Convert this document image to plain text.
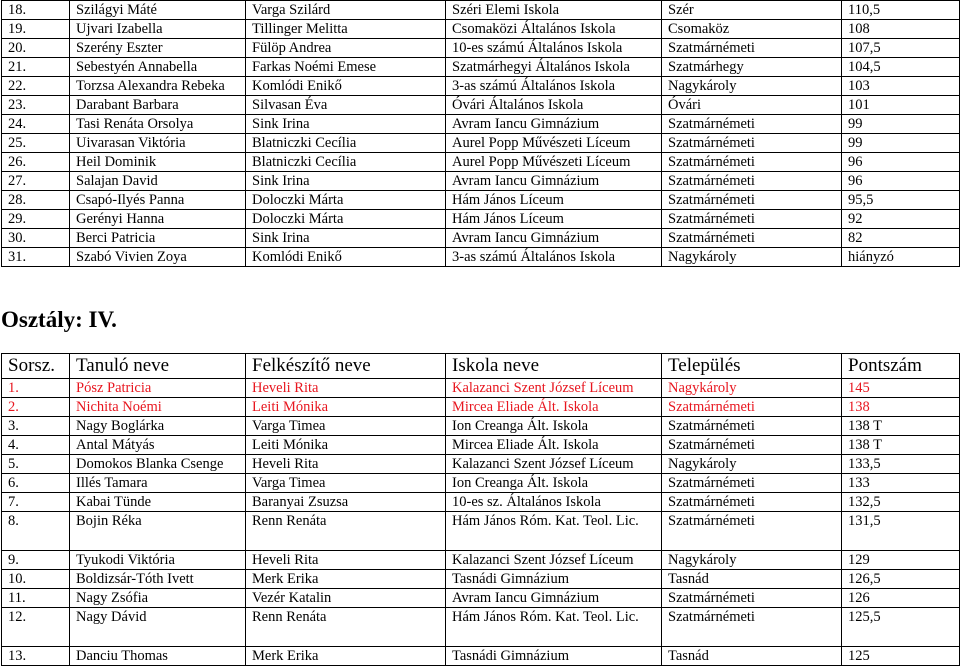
18.	Szilágyi Máté	Varga Szilárd	Széri Elemi Iskola	Szér	110,5
19.	Ujvari Izabella	Tillinger Melitta	Csomaközi Általános Iskola	Csomaköz	108
20.	Szerény Eszter	Fülöp Andrea	10-es számú Általános Iskola	Szatmárnémeti	107,5
21.	Sebestyén Annabella	Farkas Noémi Emese	Szatmárhegyi Általános Iskola	Szatmárhegy	104,5
22.	Torzsa Alexandra Rebeka	Komlódi Enikő	3-as számú Általános Iskola	Nagykároly	103
23.	Darabant Barbara	Silvasan Éva	Óvári Általános Iskola	Óvári	101
24.	Tasi Renáta Orsolya	Sink Irina	Avram Iancu Gimnázium	Szatmárnémeti	99
25.	Uivarasan Viktória	Blatniczki Cecília	Aurel Popp Művészeti Líceum	Szatmárnémeti	99
26.	Heil Dominik	Blatniczki Cecília	Aurel Popp Művészeti Líceum	Szatmárnémeti	96
27.	Salajan David	Sink Irina	Avram Iancu Gimnázium	Szatmárnémeti	96
28.	Csapó-Ilyés Panna	Doloczki Márta	Hám János Líceum	Szatmárnémeti	95,5
29.	Gerényi Hanna	Doloczki Márta	Hám János Líceum	Szatmárnémeti	92
30.	Berci Patricia	Sink Irina	Avram Iancu Gimnázium	Szatmárnémeti	82
31.	Szabó Vivien Zoya	Komlódi Enikő	3-as számú Általános Iskola	Nagykároly	hiányzó
Osztály: IV.
Sorsz.	Tanuló neve	Felkészítő neve	Iskola neve	Település	Pontszám
1.	Pósz Patricia	Heveli Rita	Kalazanci Szent József Líceum	Nagykároly	145
2.	Nichita Noémi	Leiti Mónika	Mircea Eliade Ált. Iskola	Szatmárnémeti	138
3.	Nagy Boglárka	Varga Timea	Ion Creanga Ált. Iskola	Szatmárnémeti	138 T
4.	Antal Mátyás	Leiti Mónika	Mircea Eliade Ált. Iskola	Szatmárnémeti	138 T
5.	Domokos Blanka Csenge	Heveli Rita	Kalazanci Szent József Líceum	Nagykároly	133,5
6.	Illés Tamara	Varga Timea	Ion Creanga Ált. Iskola	Szatmárnémeti	133
7.	Kabai Tünde	Baranyai Zsuzsa	10-es sz. Általános Iskola	Szatmárnémeti	132,5
8.	Bojin Réka	Renn Renáta	Hám János Róm. Kat. Teol. Lic.	Szatmárnémeti	131,5
9.	Tyukodi Viktória	Heveli Rita	Kalazanci Szent József Líceum	Nagykároly	129
10.	Boldizsár-Tóth Ivett	Merk Erika	Tasnádi Gimnázium	Tasnád	126,5
11.	Nagy Zsófia	Vezér Katalin	Avram Iancu Gimnázium	Szatmárnémeti	126
12.	Nagy Dávid	Renn Renáta	Hám János Róm. Kat. Teol. Lic.	Szatmárnémeti	125,5
13.	Danciu Thomas	Merk Erika	Tasnádi Gimnázium	Tasnád	125
